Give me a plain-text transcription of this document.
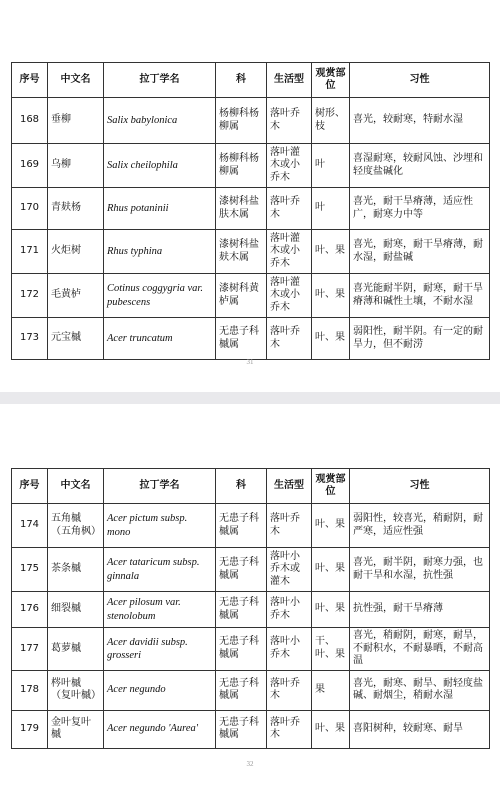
序号	中文名	拉丁学名	科	生活型	观赏部位	习性
168	垂柳	Salix babylonica	杨柳科杨柳属	落叶乔木	树形、枝	喜光，较耐寒，特耐水湿
169	乌柳	Salix cheilophila	杨柳科杨柳属	落叶灌木或小乔木	叶	喜湿耐寒，较耐风蚀、沙埋和轻度盐碱化
170	青麸杨	Rhus potaninii	漆树科盐肤木属	落叶乔木	叶	喜光，耐干旱瘠薄，适应性广，耐寒力中等
171	火炬树	Rhus typhina	漆树科盐麸木属	落叶灌木或小乔木	叶、果	喜光，耐寒，耐干旱瘠薄，耐水湿，耐盐碱
172	毛黄栌	Cotinus coggygria var. pubescens	漆树科黄栌属	落叶灌木或小乔木	叶、果	喜光能耐半阴，耐寒，耐干旱瘠薄和碱性土壤，不耐水湿
173	元宝槭	Acer truncatum	无患子科槭属	落叶乔木	叶、果	弱阳性，耐半阴。有一定的耐旱力，但不耐涝
31
序号	中文名	拉丁学名	科	生活型	观赏部位	习性
174	五角槭（五角枫）	Acer pictum subsp. mono	无患子科槭属	落叶乔木	叶、果	弱阳性，较喜光，稍耐阴，耐严寒，适应性强
175	茶条槭	Acer tataricum subsp. ginnala	无患子科槭属	落叶小乔木或灌木	叶、果	喜光，耐半阴，耐寒力强，也耐干旱和水湿，抗性强
176	细裂槭	Acer pilosum var. stenolobum	无患子科槭属	落叶小乔木	叶、果	抗性强，耐干旱瘠薄
177	葛萝槭	Acer davidii subsp. grosseri	无患子科槭属	落叶小乔木	干、叶、果	喜光，稍耐阴，耐寒，耐旱，不耐积水，不耐暴晒，不耐高温
178	梣叶槭（复叶槭）	Acer negundo	无患子科槭属	落叶乔木	果	喜光，耐寒、耐旱、耐轻度盐碱、耐烟尘，稍耐水湿
179	金叶复叶槭	Acer negundo 'Aurea'	无患子科槭属	落叶乔木	叶、果	喜阳树种，较耐寒、耐旱
32
